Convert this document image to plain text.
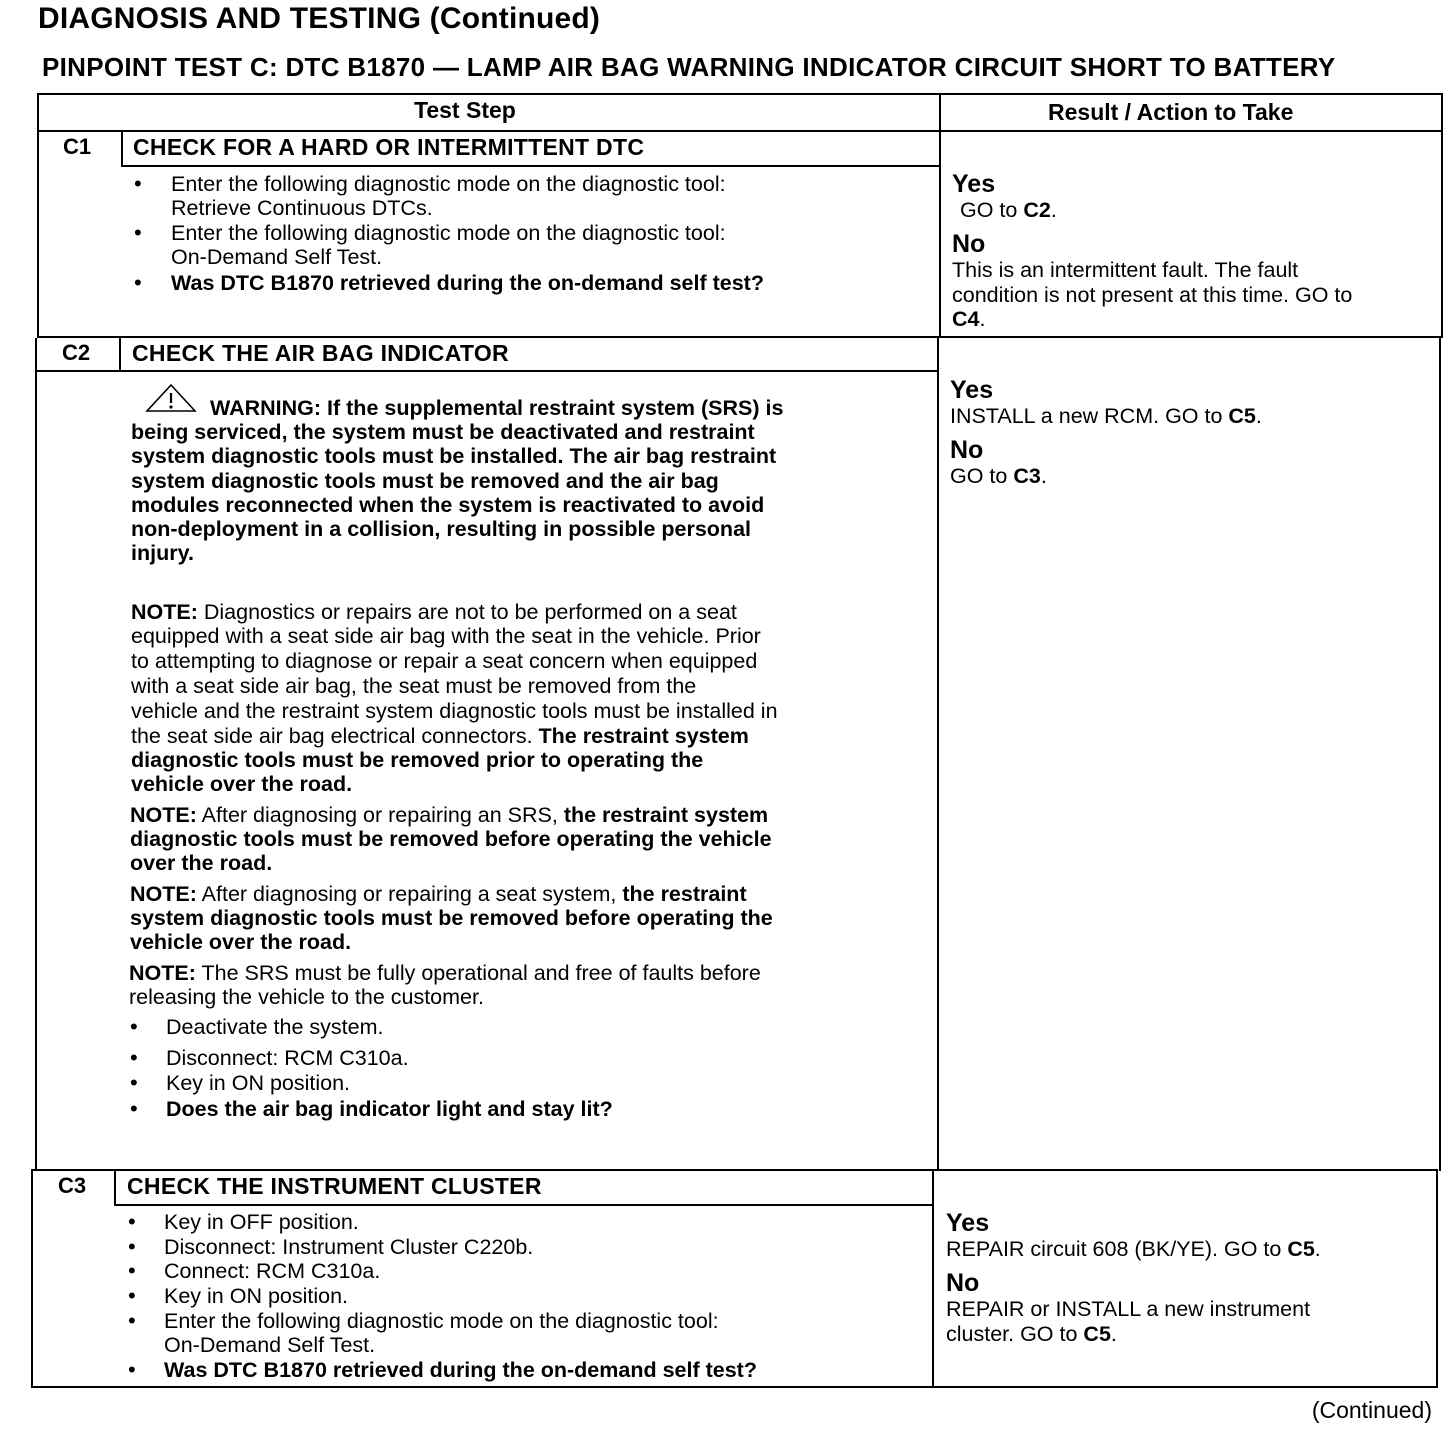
DIAGNOSIS AND TESTING (Continued)
PINPOINT TEST C: DTC B1870 — LAMP AIR BAG WARNING INDICATOR CIRCUIT SHORT TO BATTERY
Test Step	Result / Action to Take
C1 CHECK FOR A HARD OR INTERMITTENT DTC
• Enter the following diagnostic mode on the diagnostic tool:
Retrieve Continuous DTCs.
• Enter the following diagnostic mode on the diagnostic tool:
On-Demand Self Test.
• Was DTC B1870 retrieved during the on-demand self test?
Yes
GO to C2.
No
This is an intermittent fault. The fault
condition is not present at this time. GO to
C4.
C2 CHECK THE AIR BAG INDICATOR
WARNING: If the supplemental restraint system (SRS) is
being serviced, the system must be deactivated and restraint
system diagnostic tools must be installed. The air bag restraint
system diagnostic tools must be removed and the air bag
modules reconnected when the system is reactivated to avoid
non-deployment in a collision, resulting in possible personal
injury.
NOTE: Diagnostics or repairs are not to be performed on a seat
equipped with a seat side air bag with the seat in the vehicle. Prior
to attempting to diagnose or repair a seat concern when equipped
with a seat side air bag, the seat must be removed from the
vehicle and the restraint system diagnostic tools must be installed in
the seat side air bag electrical connectors. The restraint system
diagnostic tools must be removed prior to operating the
vehicle over the road.
NOTE: After diagnosing or repairing an SRS, the restraint system
diagnostic tools must be removed before operating the vehicle
over the road.
NOTE: After diagnosing or repairing a seat system, the restraint
system diagnostic tools must be removed before operating the
vehicle over the road.
NOTE: The SRS must be fully operational and free of faults before
releasing the vehicle to the customer.
• Deactivate the system.
• Disconnect: RCM C310a.
• Key in ON position.
• Does the air bag indicator light and stay lit?
Yes
INSTALL a new RCM. GO to C5.
No
GO to C3.
C3 CHECK THE INSTRUMENT CLUSTER
• Key in OFF position.
• Disconnect: Instrument Cluster C220b.
• Connect: RCM C310a.
• Key in ON position.
• Enter the following diagnostic mode on the diagnostic tool:
On-Demand Self Test.
• Was DTC B1870 retrieved during the on-demand self test?
Yes
REPAIR circuit 608 (BK/YE). GO to C5.
No
REPAIR or INSTALL a new instrument
cluster. GO to C5.
(Continued)
